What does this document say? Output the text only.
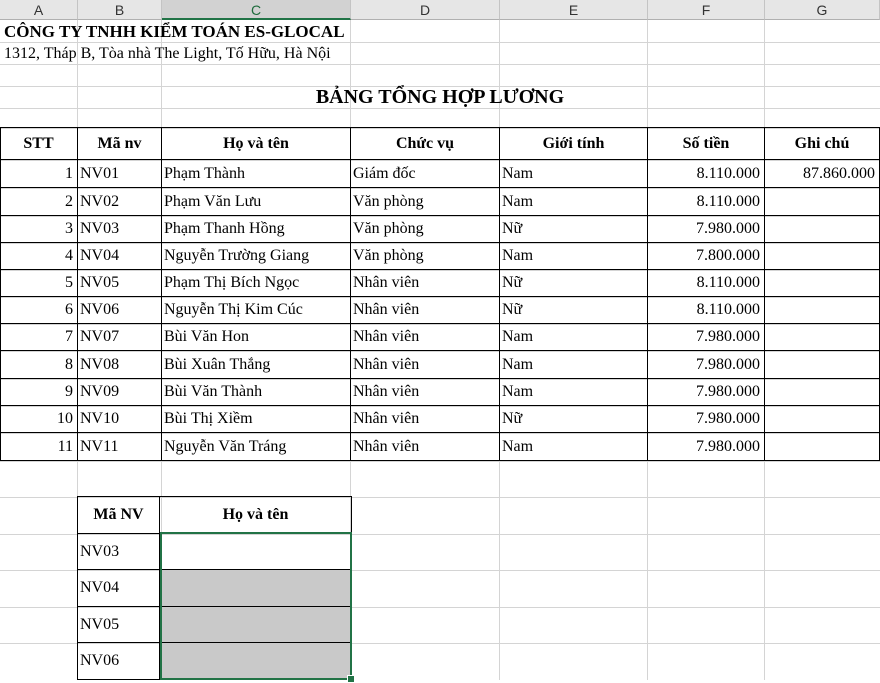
A	B	C	D	E	F	G
CÔNG TY TNHH KIỂM TOÁN ES-GLOCAL
1312, Tháp B, Tòa nhà The Light, Tố Hữu, Hà Nội
BẢNG TỔNG HỢP LƯƠNG
STT	Mã nv	Họ và tên	Chức vụ	Giới tính	Số tiền	Ghi chú
1 NV01	Phạm Thành	Giám đốc	Nam	8.110.000	87.860.000
2 NV02	Phạm Văn Lưu	Văn phòng	Nam	8.110.000
3 NV03	Phạm Thanh Hồng	Văn phòng	Nữ	7.980.000
4 NV04	Nguyễn Trường Giang	Văn phòng	Nam	7.800.000
5 NV05	Phạm Thị Bích Ngọc	Nhân viên	Nữ	8.110.000
6 NV06	Nguyễn Thị Kim Cúc	Nhân viên	Nữ	8.110.000
7 NV07	Bùi Văn Hon	Nhân viên	Nam	7.980.000
8 NV08	Bùi Xuân Thắng	Nhân viên	Nam	7.980.000
9 NV09	Bùi Văn Thành	Nhân viên	Nam	7.980.000
10 NV10	Bùi Thị Xiềm	Nhân viên	Nữ	7.980.000
11 NV11	Nguyễn Văn Tráng	Nhân viên	Nam	7.980.000
Mã NV	Họ và tên
NV03
NV04
NV05
NV06
